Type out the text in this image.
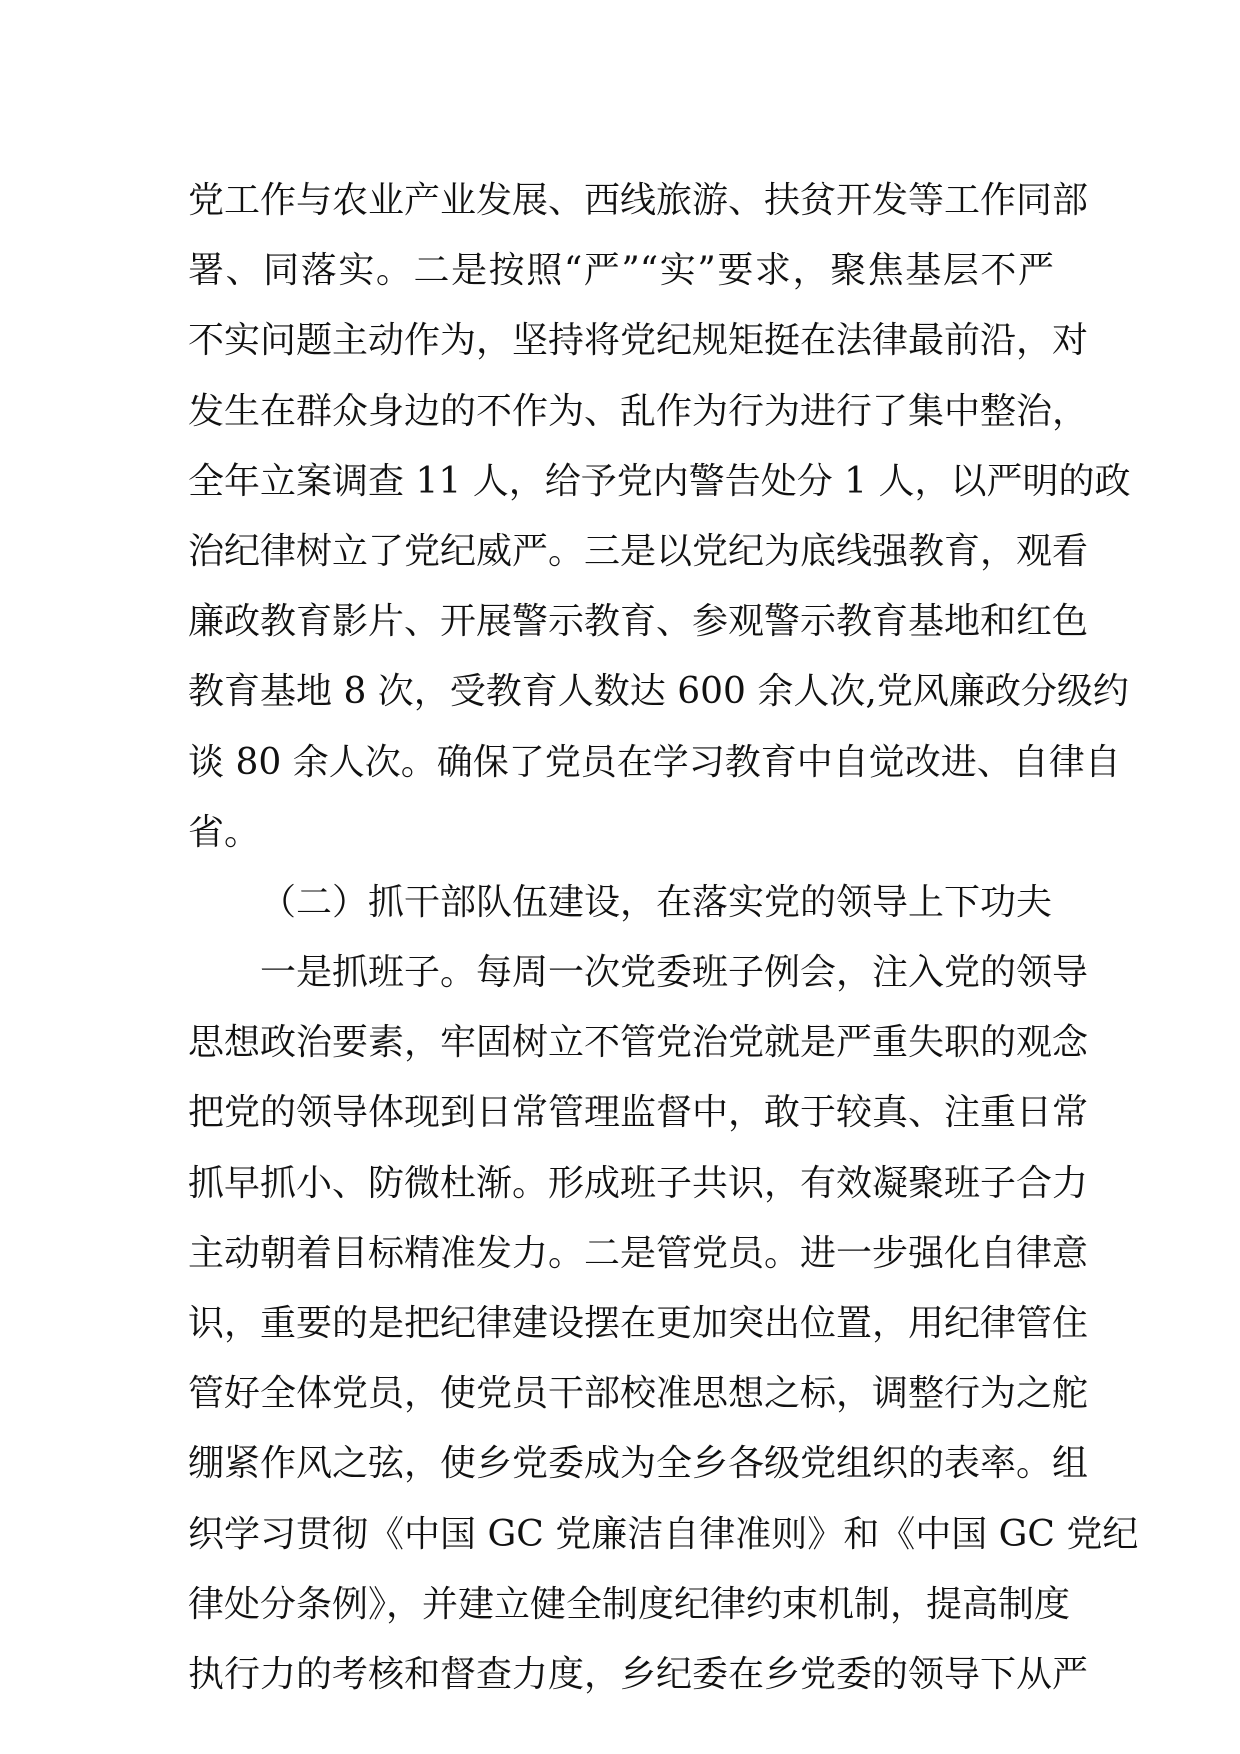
党工作与农业产业发展、西线旅游、扶贫开发等工作同部
署、同落实。二是按照“严”“实”要求，聚焦基层不严
不实问题主动作为，坚持将党纪规矩挺在法律最前沿，对
发生在群众身边的不作为、乱作为行为进行了集中整治，
全年立案调查 11 人，给予党内警告处分 1 人，以严明的政
治纪律树立了党纪威严。三是以党纪为底线强教育，观看
廉政教育影片、开展警示教育、参观警示教育基地和红色
教育基地 8 次，受教育人数达 600 余人次,党风廉政分级约
谈 80 余人次。确保了党员在学习教育中自觉改进、自律自
省。
（二）抓干部队伍建设，在落实党的领导上下功夫
一是抓班子。每周一次党委班子例会，注入党的领导
思想政治要素，牢固树立不管党治党就是严重失职的观念
把党的领导体现到日常管理监督中，敢于较真、注重日常
抓早抓小、防微杜渐。形成班子共识，有效凝聚班子合力
主动朝着目标精准发力。二是管党员。进一步强化自律意
识，重要的是把纪律建设摆在更加突出位置，用纪律管住
管好全体党员，使党员干部校准思想之标，调整行为之舵
绷紧作风之弦，使乡党委成为全乡各级党组织的表率。组
织学习贯彻《中国 GC 党廉洁自律准则》和《中国 GC 党纪
律处分条例》，并建立健全制度纪律约束机制，提高制度
执行力的考核和督查力度，乡纪委在乡党委的领导下从严
